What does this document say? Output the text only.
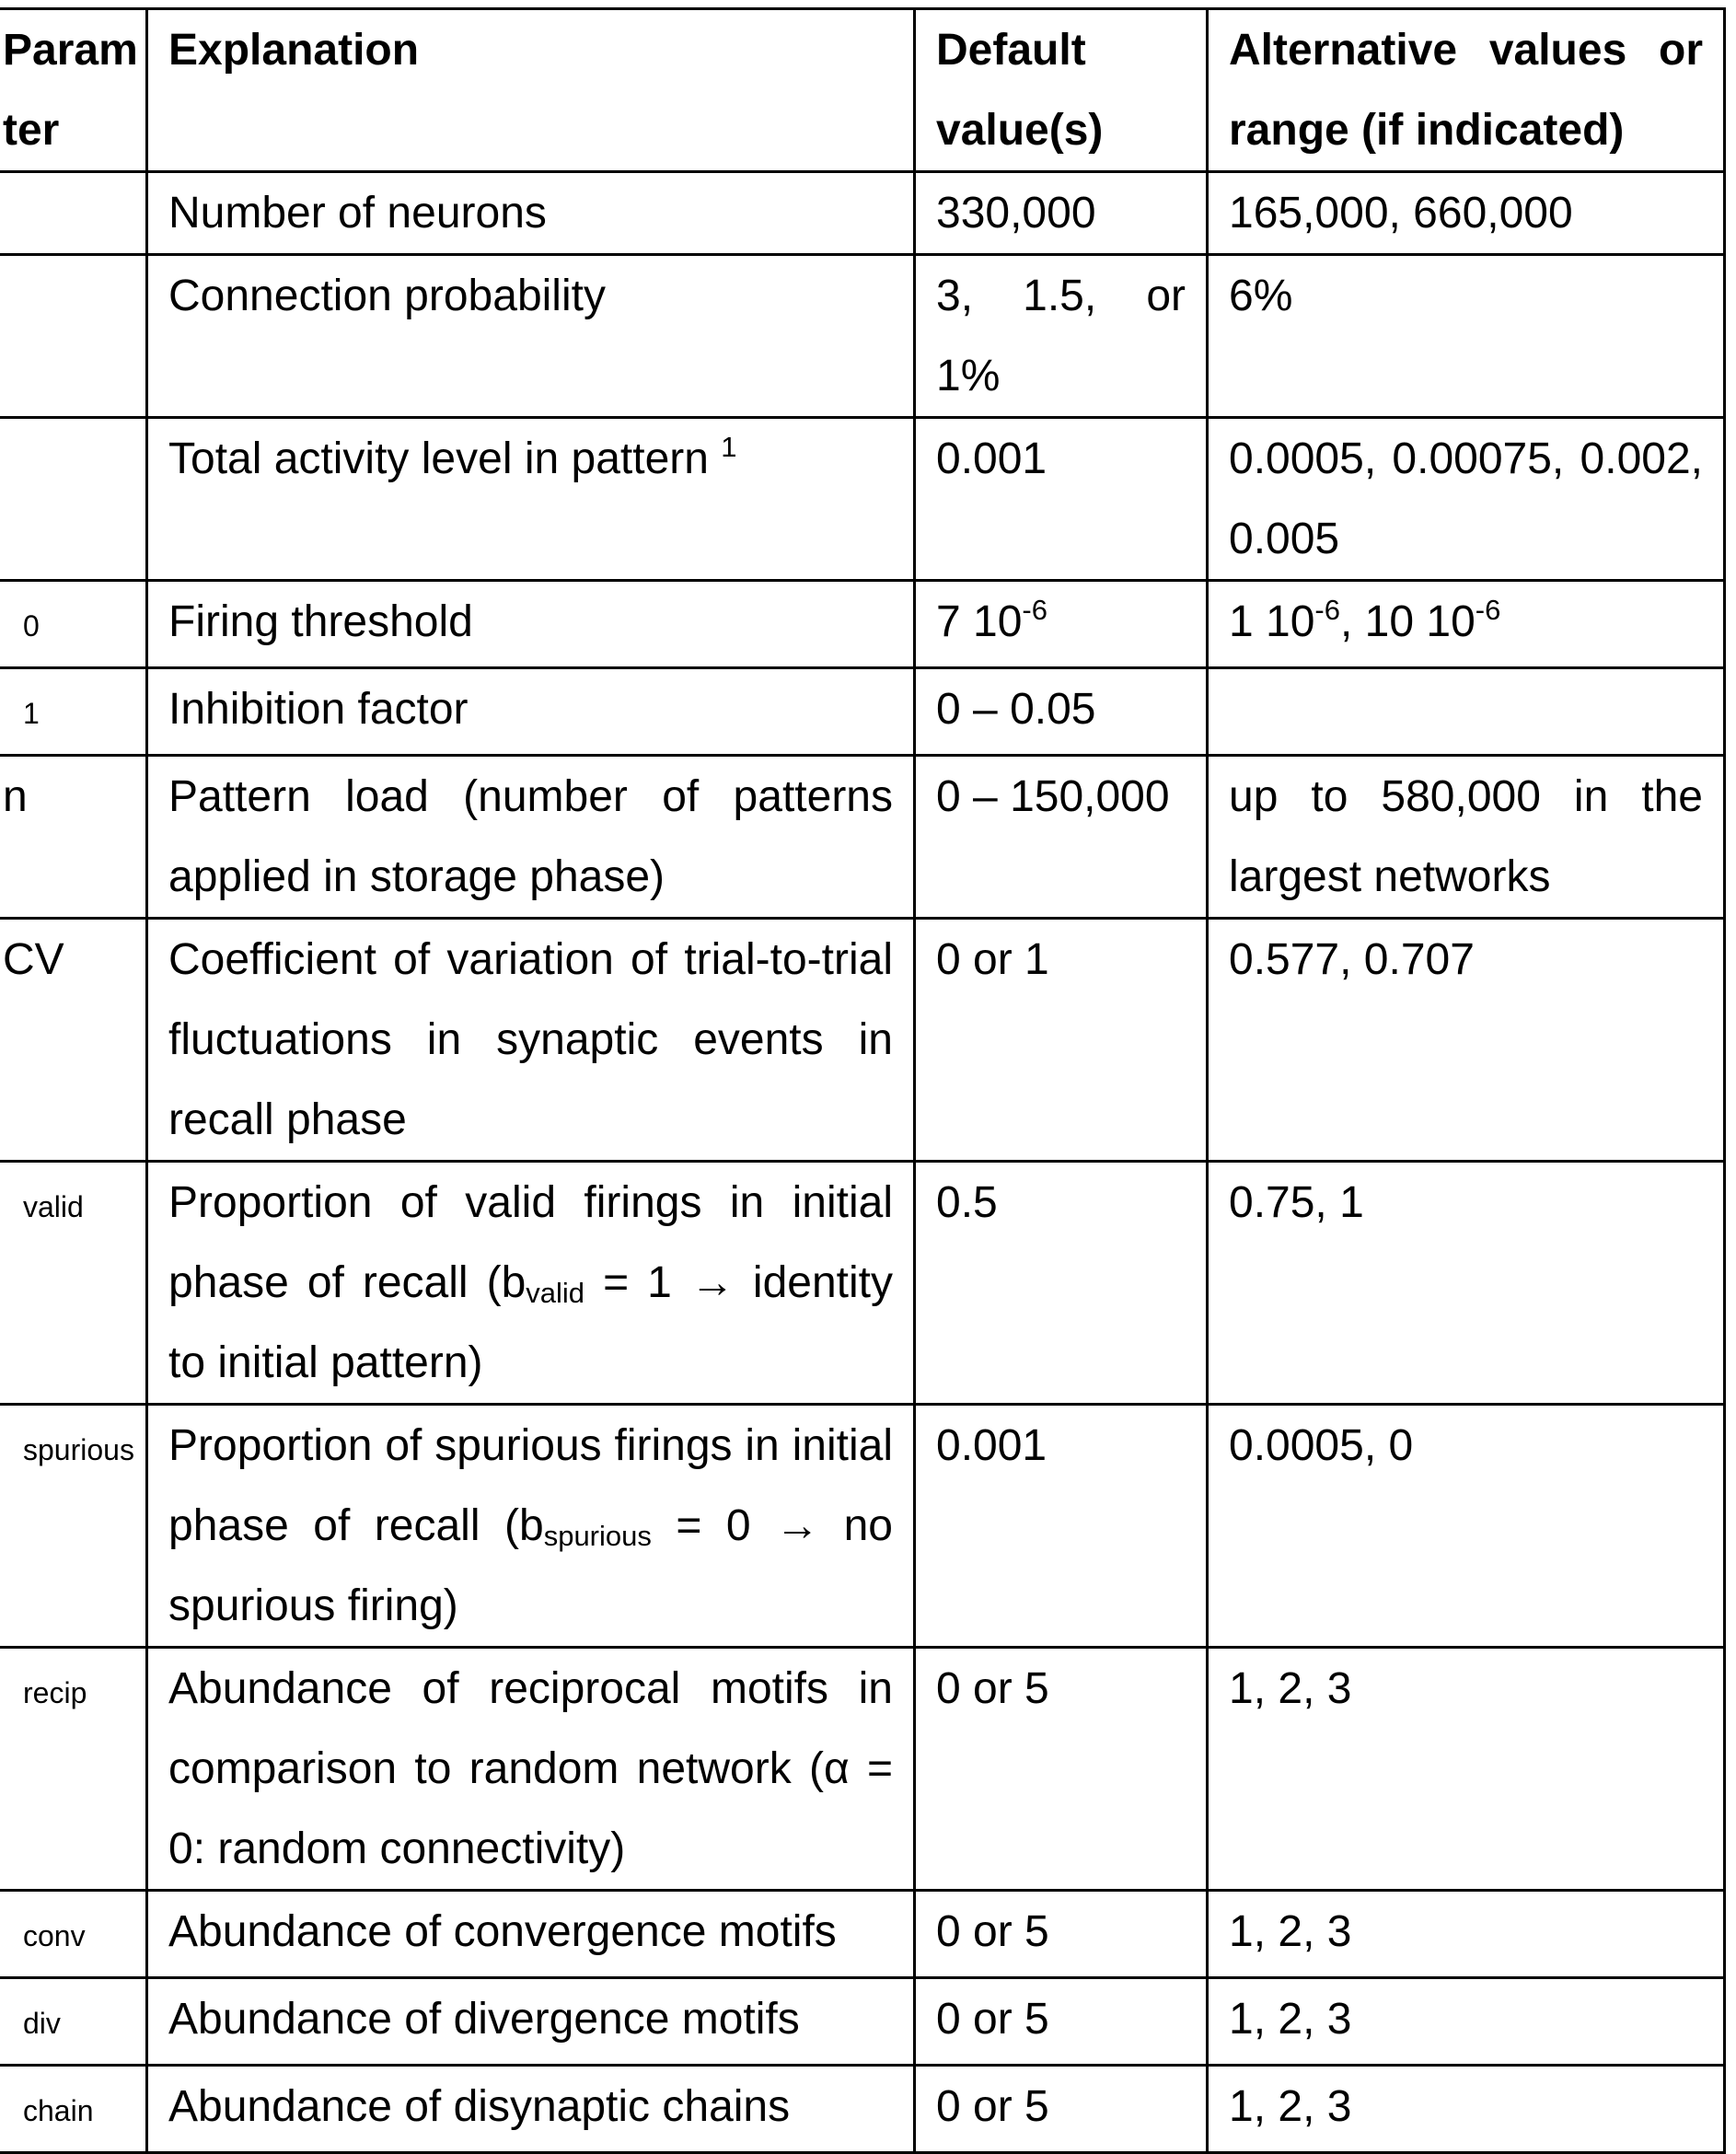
Param
ter	Explanation	Default value(s)	Alternative values or range (if indicated)
	Number of neurons	330,000	165,000, 660,000
	Connection probability	3, 1.5, or 1%	6%
	Total activity level in pattern $^1$	0.001	0.0005, 0.00075, 0.002, 0.005
0	Firing threshold	7 $10^{-6}$	1 $10^{-6}$, 10 $10^{-6}$
1	Inhibition factor	0 – 0.05	
n	Pattern load (number of patterns applied in storage phase)	0 – 150,000	up to 580,000 in the largest networks
CV	Coefficient of variation of trial-to-trial fluctuations in synaptic events in recall phase	0 or 1	0.577, 0.707
valid	Proportion of valid firings in initial phase of recall ($b_{valid} = 1$ → identity to initial pattern)	0.5	0.75, 1
spurious	Proportion of spurious firings in initial phase of recall ($b_{spurious} = 0$ → no spurious firing)	0.001	0.0005, 0
recip	Abundance of reciprocal motifs in comparison to random network (α = 0: random connectivity)	0 or 5	1, 2, 3
conv	Abundance of convergence motifs	0 or 5	1, 2, 3
div	Abundance of divergence motifs	0 or 5	1, 2, 3
chain	Abundance of disynaptic chains	0 or 5	1, 2, 3
